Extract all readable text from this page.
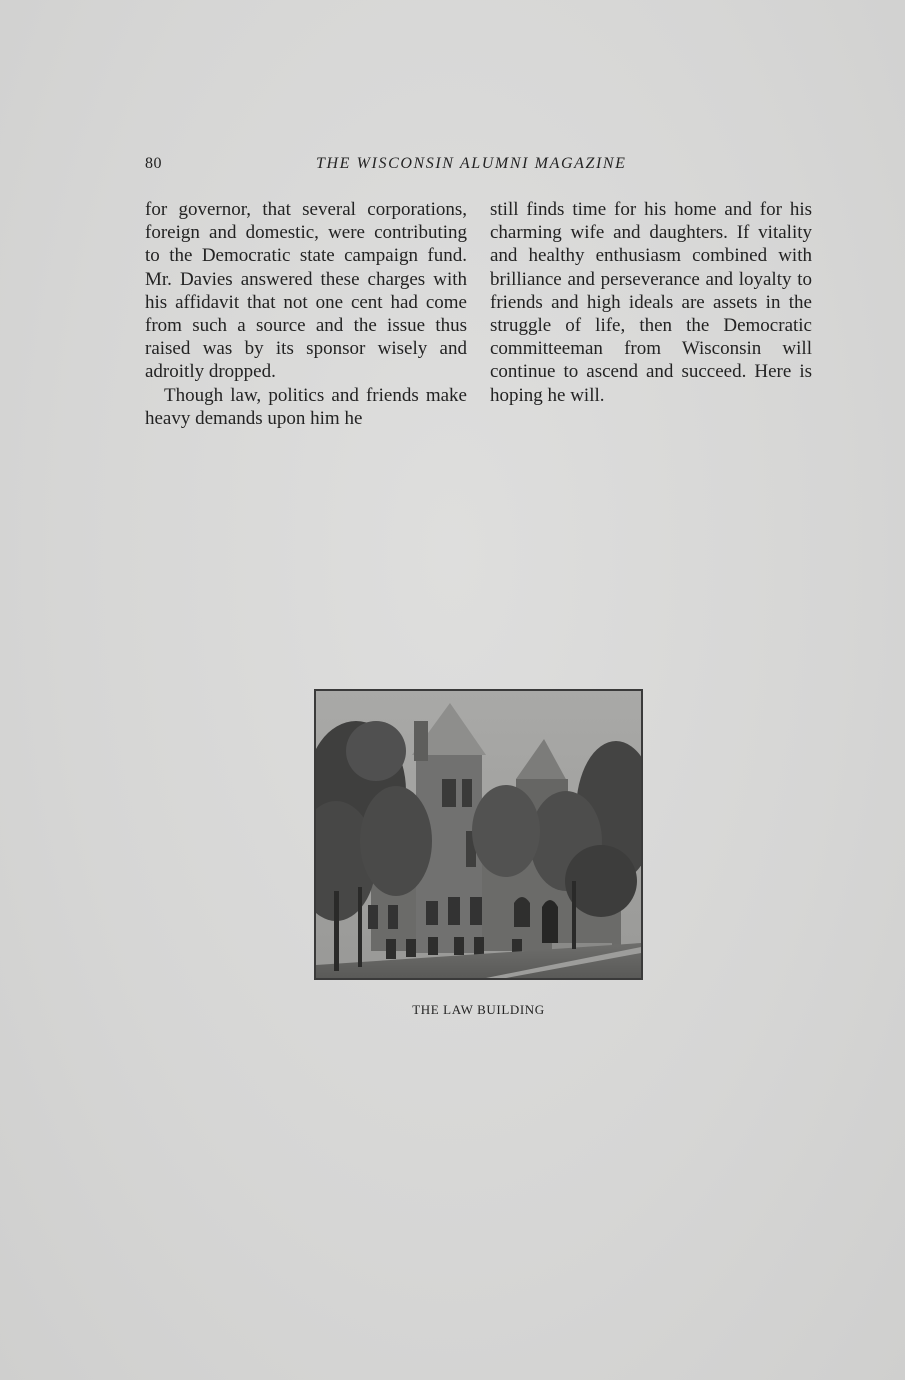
80	THE WISCONSIN ALUMNI MAGAZINE

for governor, that several corporations, foreign and domestic, were contributing to the Democratic state campaign fund. Mr. Davies answered these charges with his affidavit that not one cent had come from such a source and the issue thus raised was by its sponsor wisely and adroitly dropped.

Though law, politics and friends make heavy demands upon him he

still finds time for his home and for his charming wife and daughters. If vitality and healthy enthusiasm combined with brilliance and perseverance and loyalty to friends and high ideals are assets in the struggle of life, then the Democratic committeeman from Wisconsin will continue to ascend and succeed. Here is hoping he will.

THE LAW BUILDING
